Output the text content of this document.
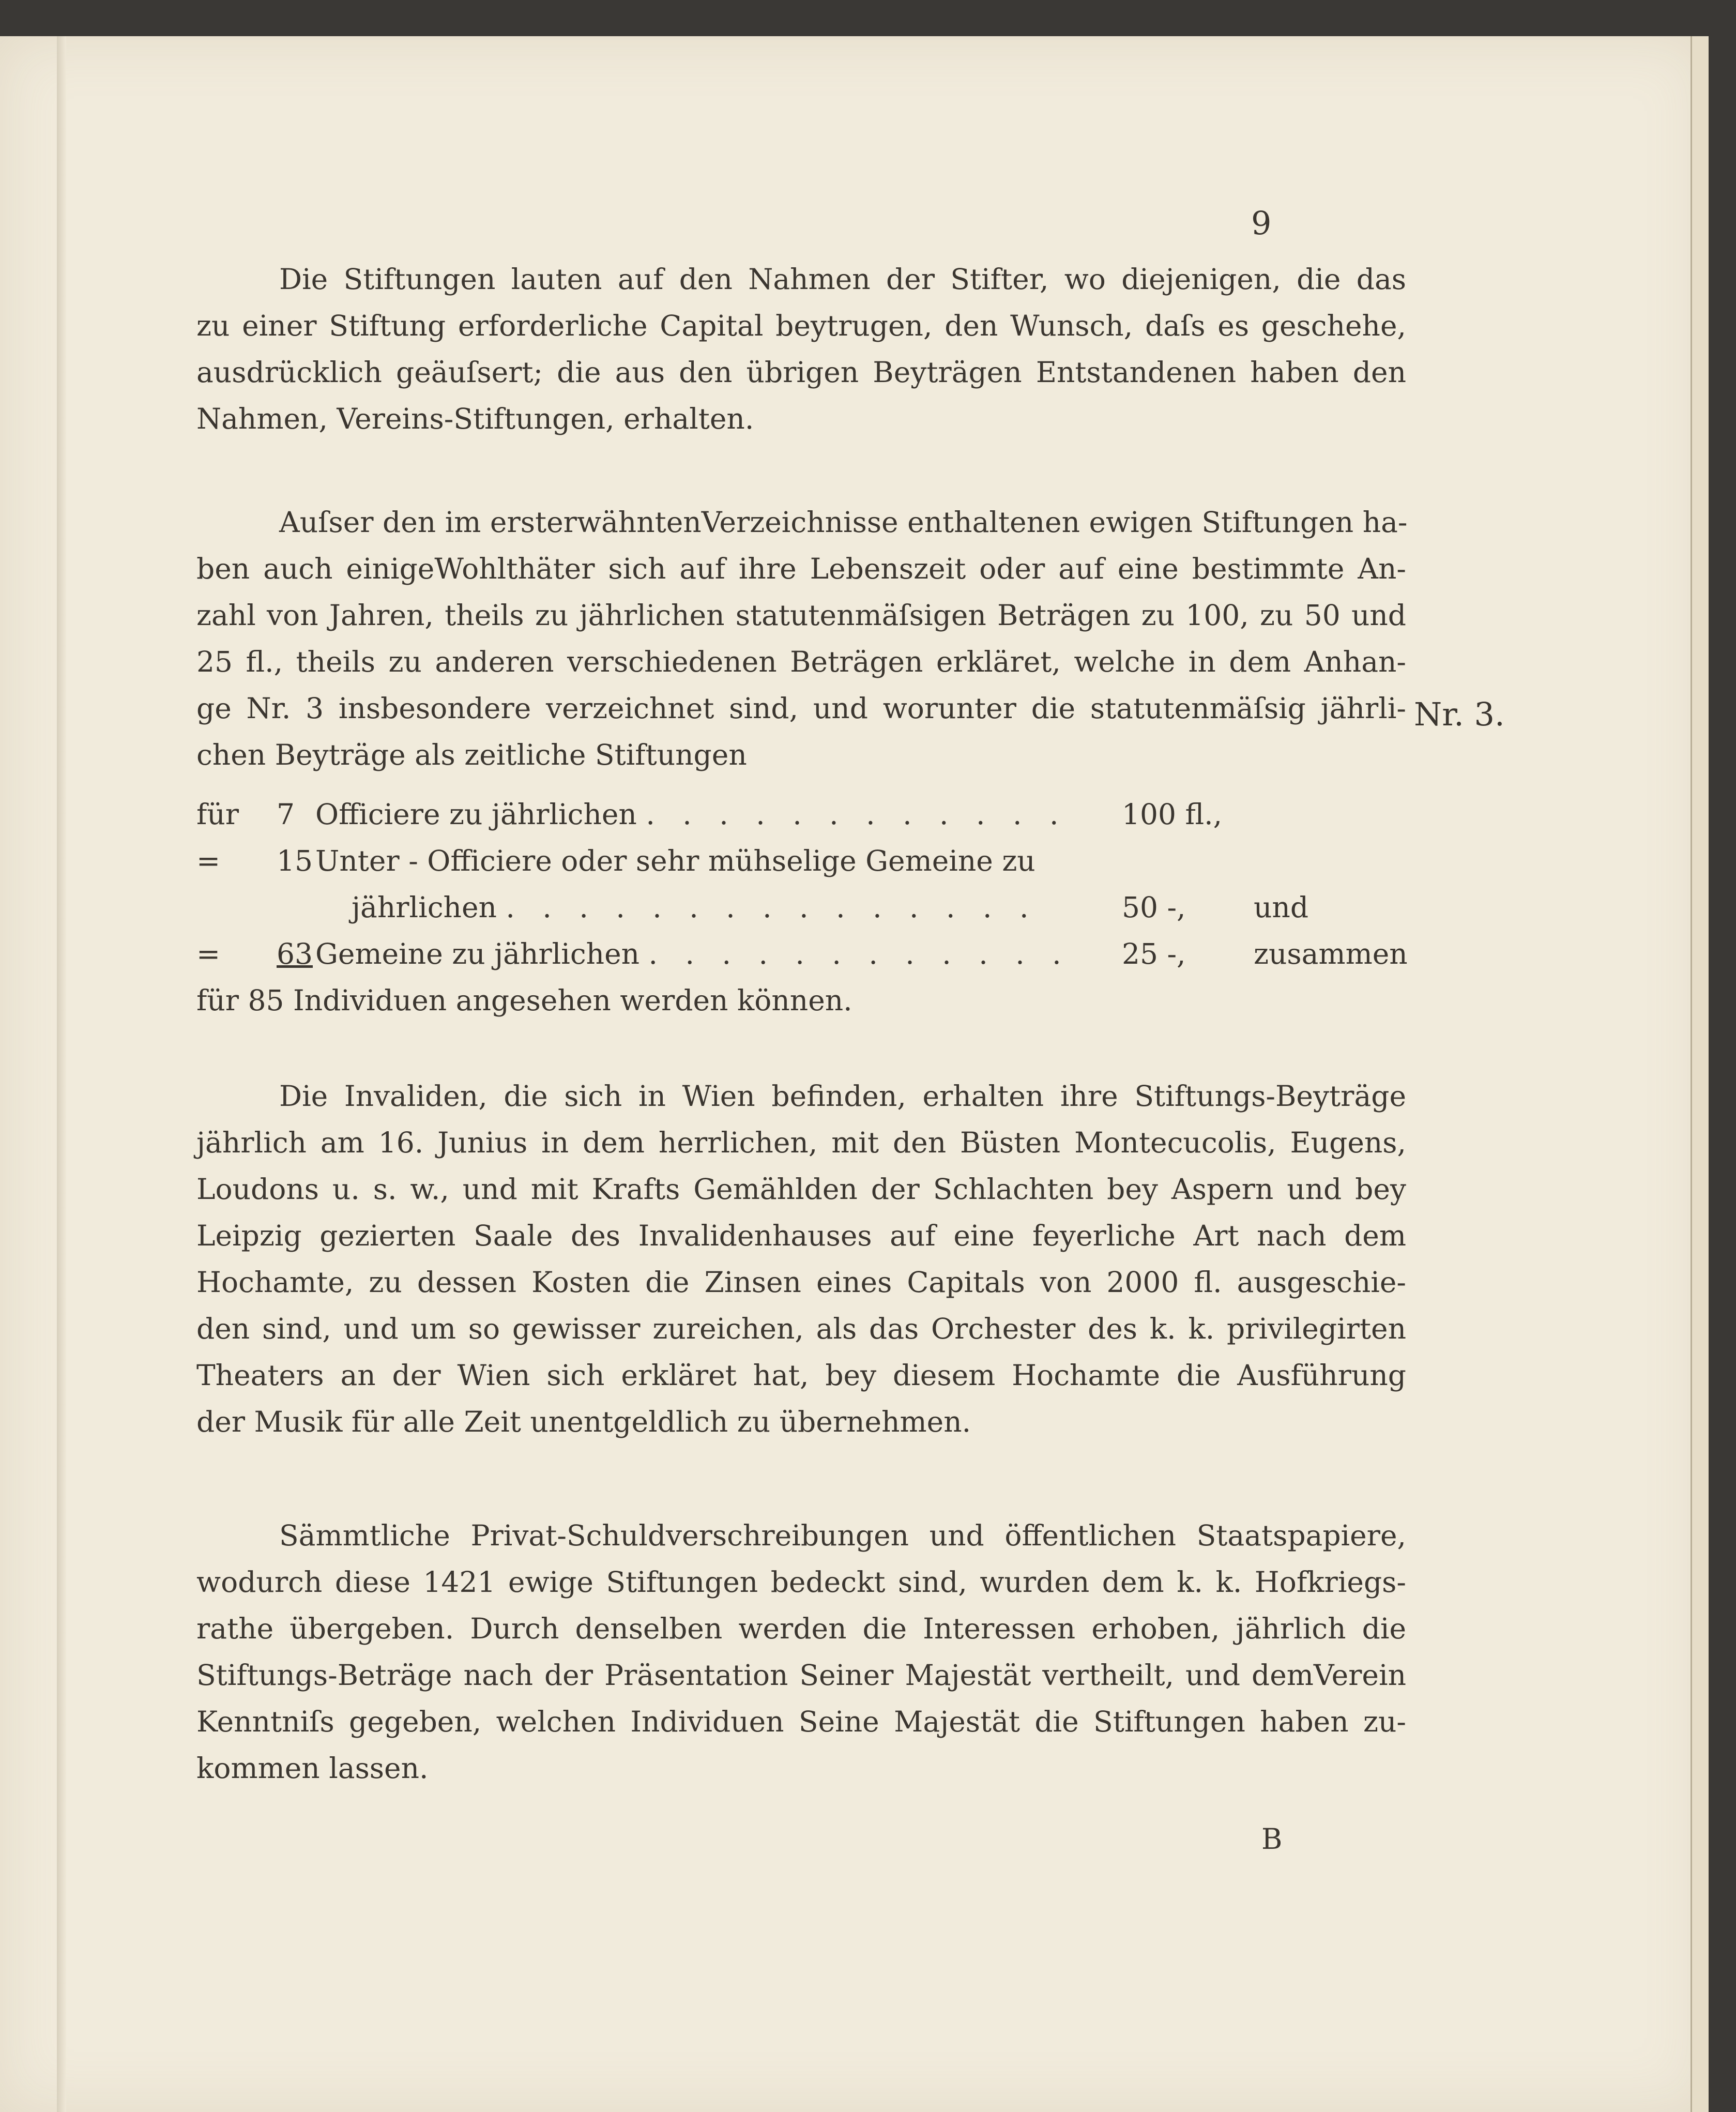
9
Die Stiftungen lauten auf den Nahmen der Stifter, wo diejenigen, die das
zu einer Stiftung erforderliche Capital beytrugen, den Wunsch, daſs es geschehe,
ausdrücklich geäuſsert; die aus den übrigen Beyträgen Entstandenen haben den
Nahmen, Vereins-Stiftungen, erhalten.
Auſser den im ersterwähntenVerzeichnisse enthaltenen ewigen Stiftungen ha-
ben auch einigeWohlthäter sich auf ihre Lebenszeit oder auf eine bestimmte An-
zahl von Jahren, theils zu jährlichen statutenmäſsigen Beträgen zu 100, zu 50 und
25 fl., theils zu anderen verschiedenen Beträgen erkläret, welche in dem Anhan-
ge Nr. 3 insbesondere verzeichnet sind, und worunter die statutenmäſsig jährli-
chen Beyträge als zeitliche Stiftungen
Nr. 3.
für 7 Officiere zu jährlichen . . . . . . . . . . . . 100 fl.,
= 15 Unter - Officiere oder sehr mühselige Gemeine zu
jährlichen . . . . . . . . . . . . . . .	50 -, und
= 63 Gemeine zu jährlichen . . . . . . . . . . . . 25 -, zusammen
für 85 Individuen angesehen werden können.
Die Invaliden, die sich in Wien befinden, erhalten ihre Stiftungs-Beyträge
jährlich am 16. Junius in dem herrlichen, mit den Büsten Montecucolis, Eugens,
Loudons u. s. w., und mit Krafts Gemählden der Schlachten bey Aspern und bey
Leipzig gezierten Saale des Invalidenhauses auf eine feyerliche Art nach dem
Hochamte, zu dessen Kosten die Zinsen eines Capitals von 2000 fl. ausgeschie-
den sind, und um so gewisser zureichen, als das Orchester des k. k. privilegirten
Theaters an der Wien sich erkläret hat, bey diesem Hochamte die Ausführung
der Musik für alle Zeit unentgeldlich zu übernehmen.
Sämmtliche Privat-Schuldverschreibungen und öffentlichen Staatspapiere,
wodurch diese 1421 ewige Stiftungen bedeckt sind, wurden dem k. k. Hofkriegs-
rathe übergeben. Durch denselben werden die Interessen erhoben, jährlich die
Stiftungs-Beträge nach der Präsentation Seiner Majestät vertheilt, und demVerein
Kenntniſs gegeben, welchen Individuen Seine Majestät die Stiftungen haben zu-
kommen lassen.
B
